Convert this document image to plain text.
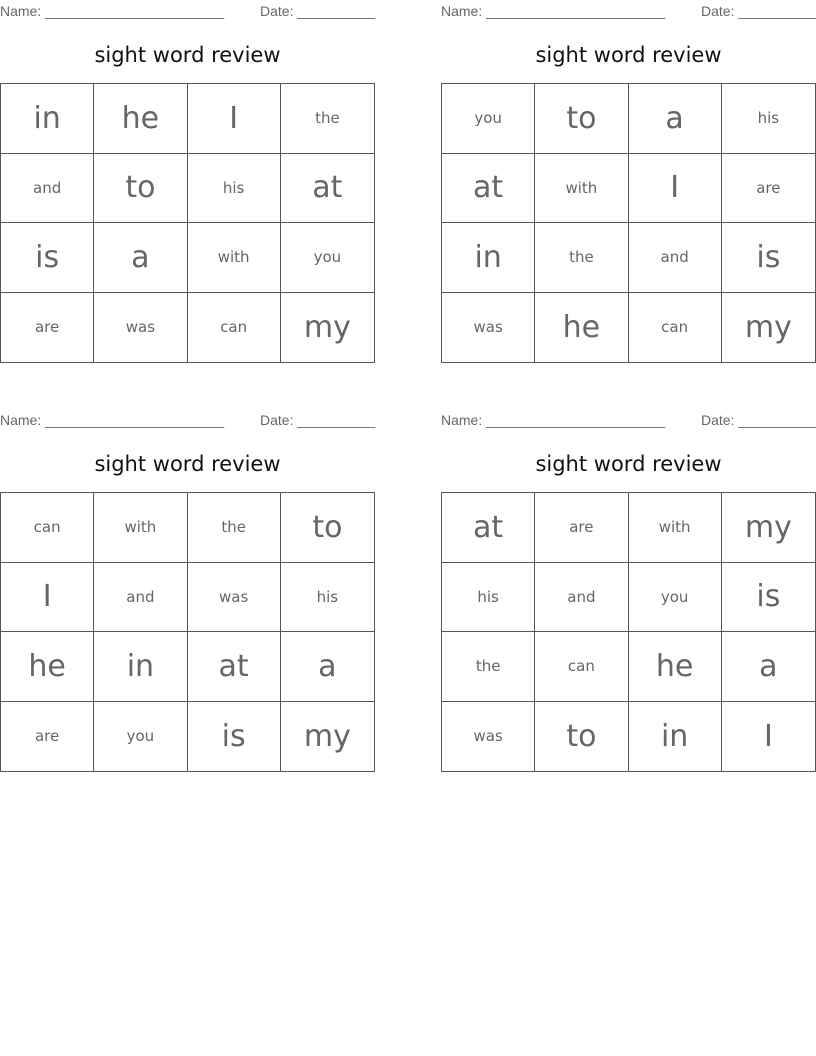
Name: _______________________	Date: __________
sight word review
in	he	I	the
and	to	his	at
is	a	with	you
are	was	can	my
Name: _______________________	Date: __________
sight word review
you	to	a	his
at	with	I	are
in	the	and	is
was	he	can	my
Name: _______________________	Date: __________
sight word review
can	with	the	to
I	and	was	his
he	in	at	a
are	you	is	my
Name: _______________________	Date: __________
sight word review
at	are	with	my
his	and	you	is
the	can	he	a
was	to	in	I
